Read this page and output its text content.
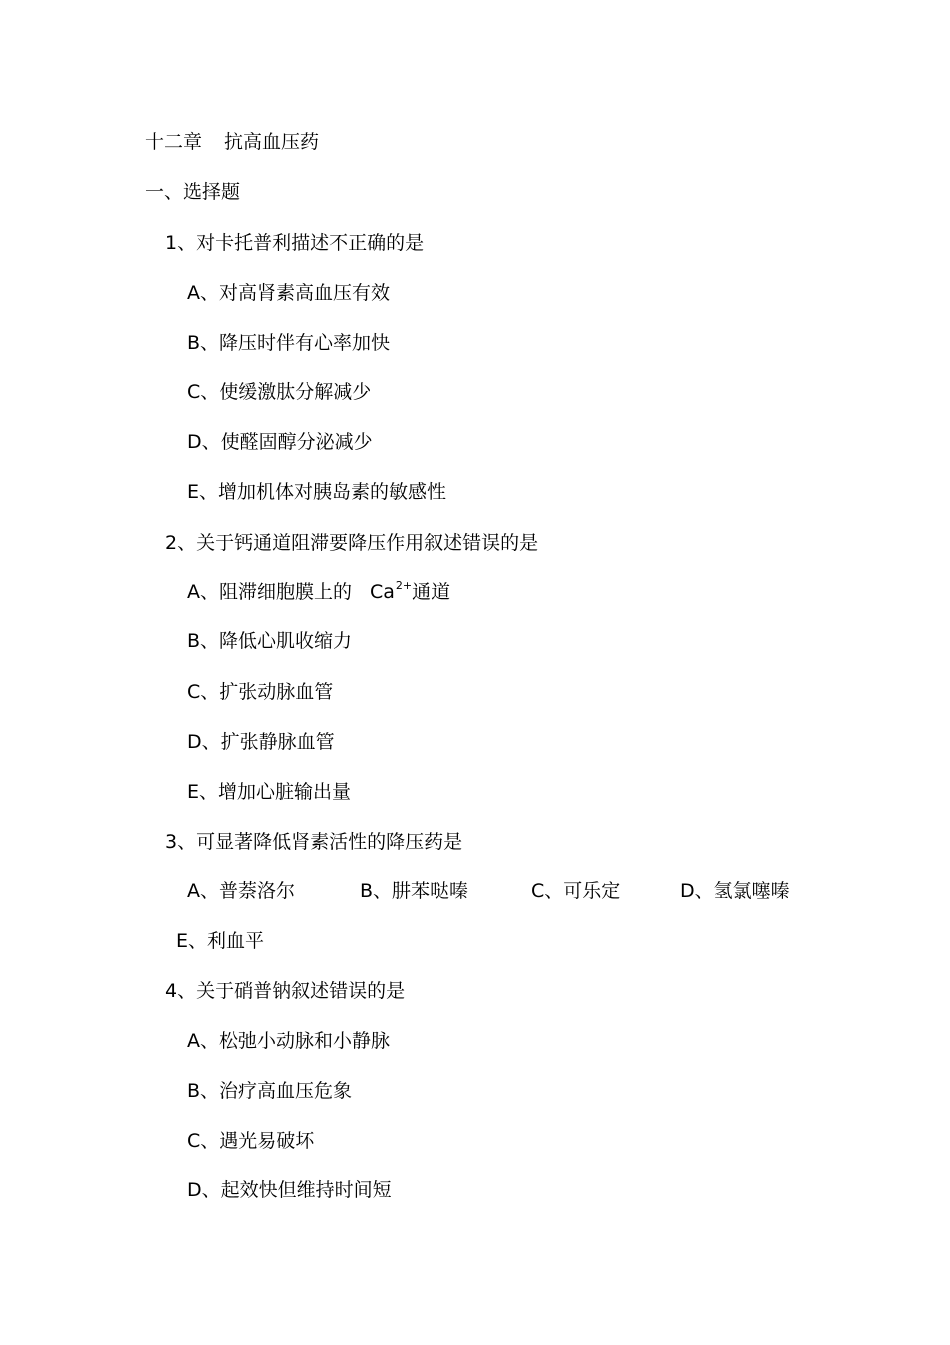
十二章 抗高血压药
一、选择题
1、对卡托普利描述不正确的是
A、对高肾素高血压有效
B、降压时伴有心率加快
C、使缓激肽分解减少
D、使醛固醇分泌减少
E、增加机体对胰岛素的敏感性
2、关于钙通道阻滞要降压作用叙述错误的是
A、阻滞细胞膜上的 $Ca^{2+}$通道
B、降低心肌收缩力
C、扩张动脉血管
D、扩张静脉血管
E、增加心脏输出量
3、可显著降低肾素活性的降压药是
A、普萘洛尔	B、肼苯哒嗪	C、可乐定	D、氢氯噻嗪
E、利血平
4、关于硝普钠叙述错误的是
A、松弛小动脉和小静脉
B、治疗高血压危象
C、遇光易破坏
D、起效快但维持时间短
